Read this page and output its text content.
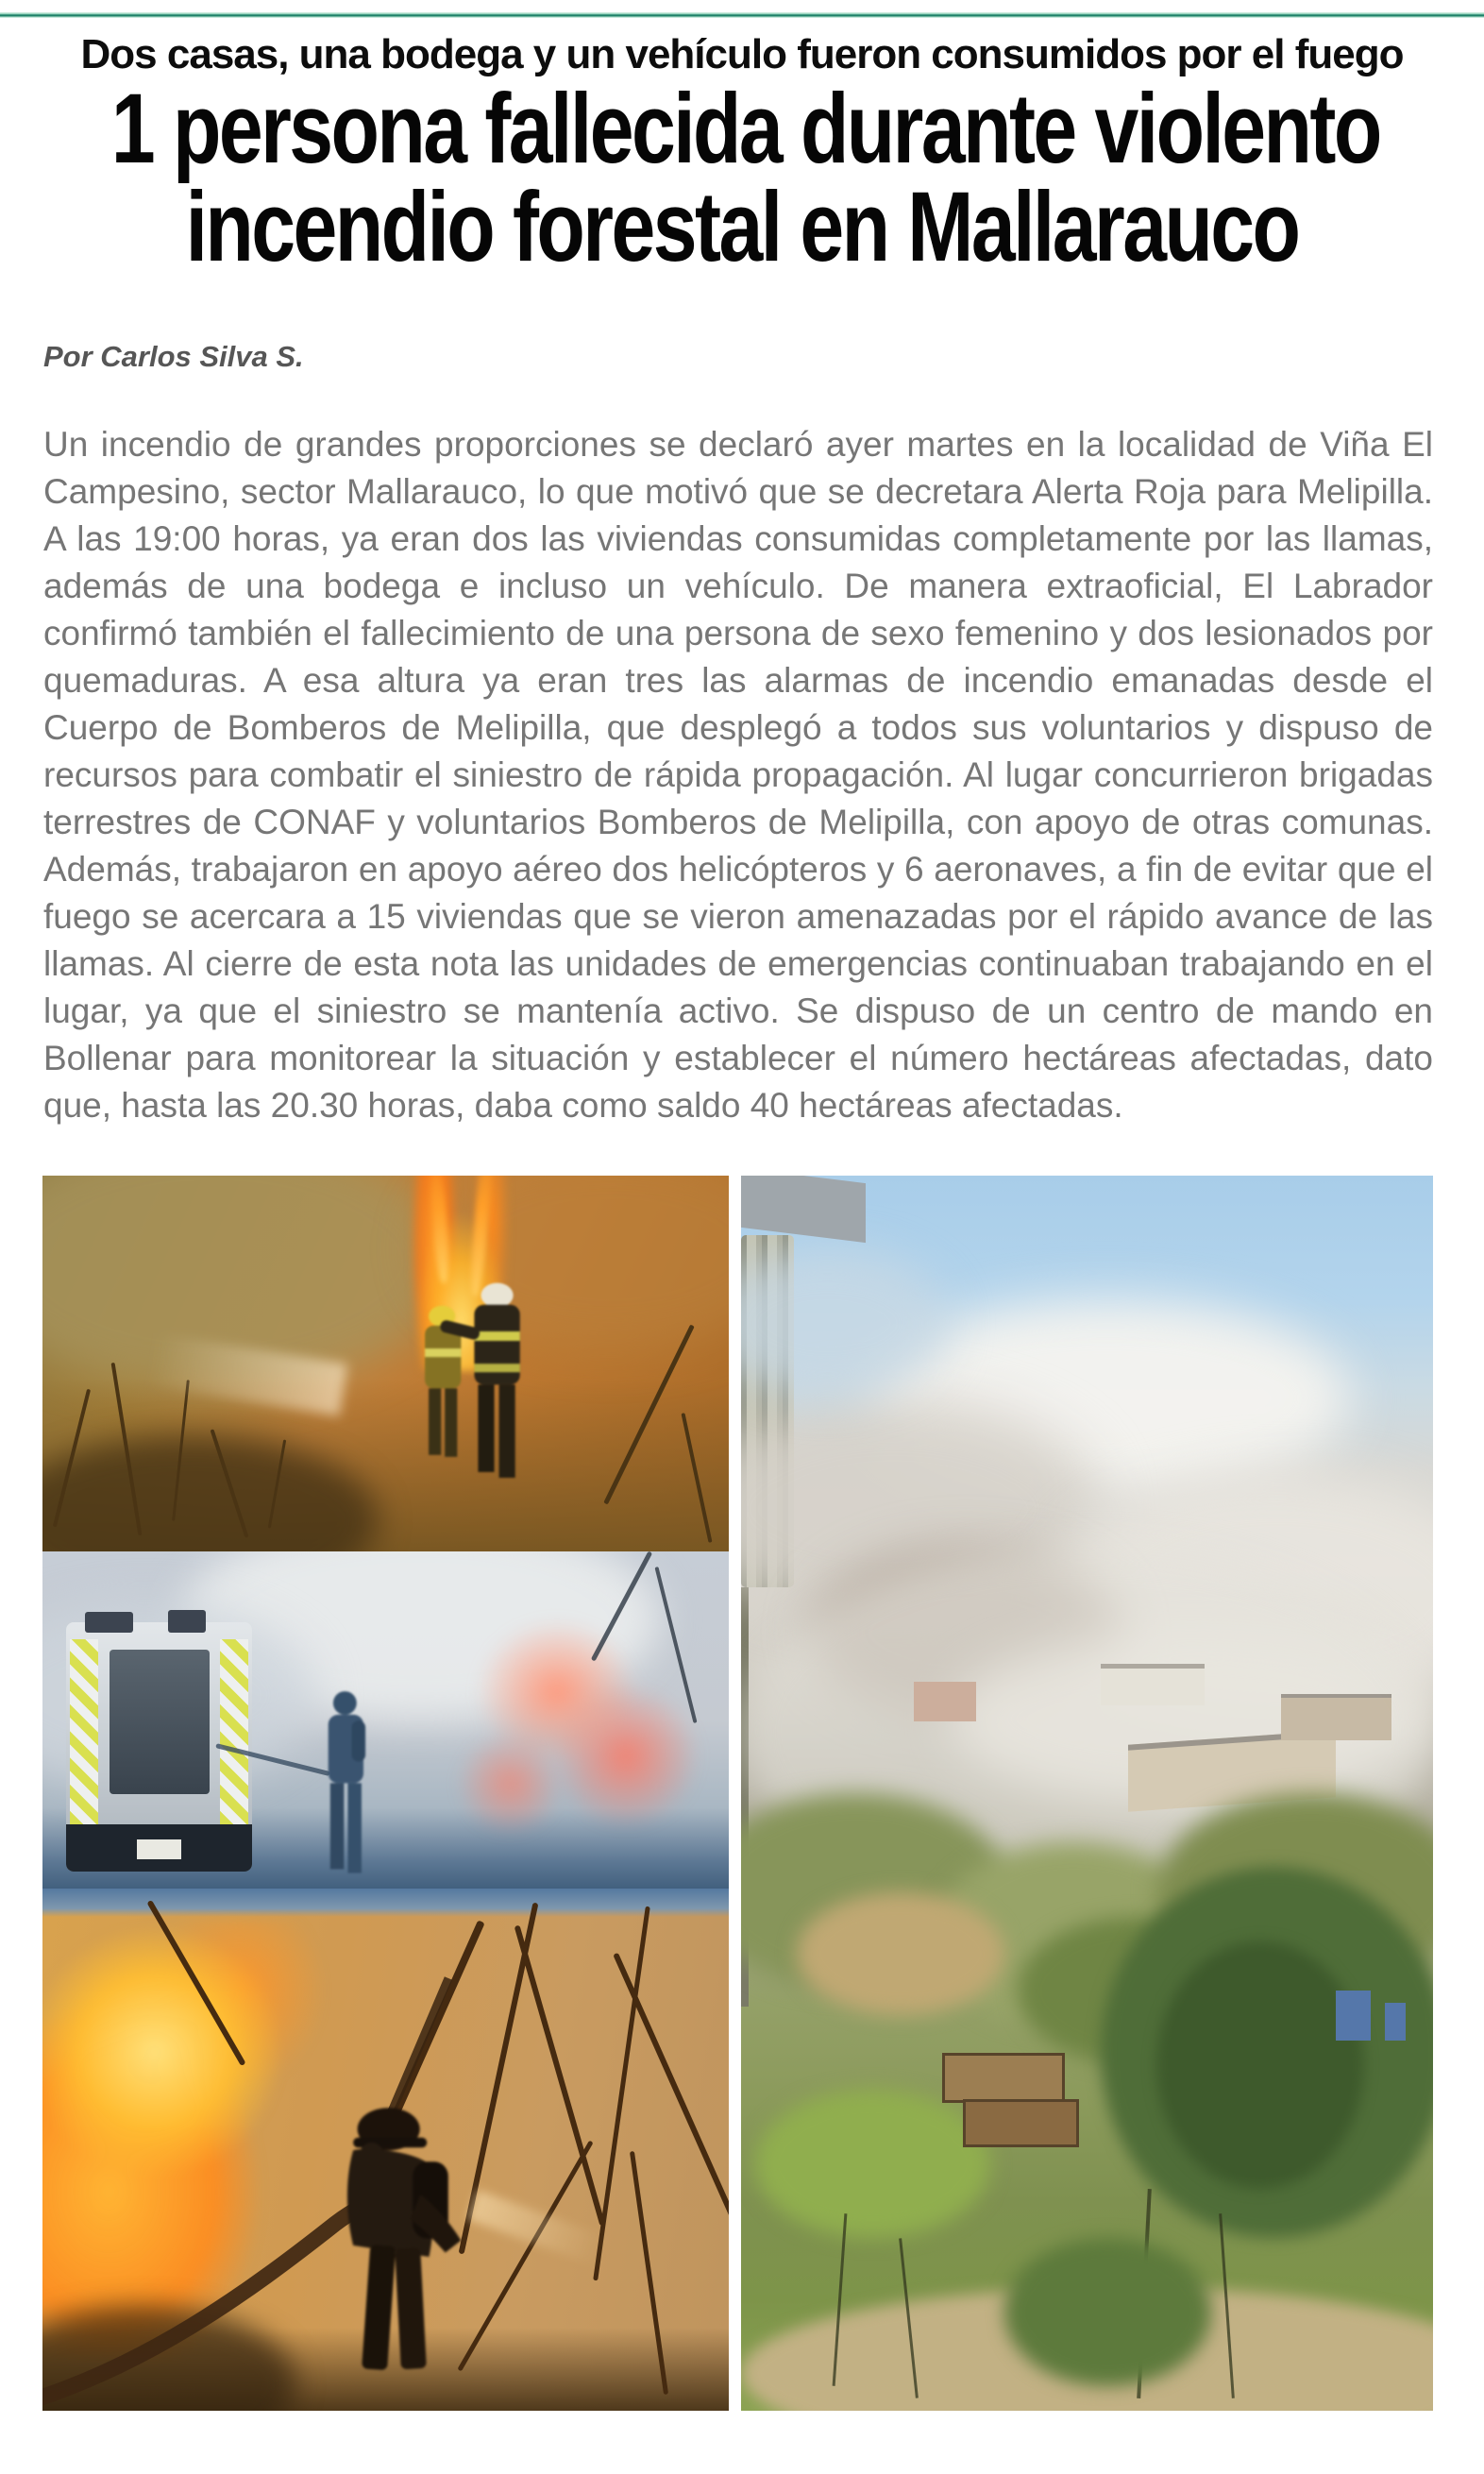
Dos casas, una bodega y un vehículo fueron consumidos por el fuego
1 persona fallecida durante violento
incendio forestal en Mallarauco
Por Carlos Silva S.

Un incendio de grandes proporciones se declaró ayer martes en la localidad de Viña El Campesino, sector Mallarauco, lo que motivó que se decretara Alerta Roja para Melipilla. A las 19:00 horas, ya eran dos las viviendas consumidas completamente por las llamas, además de una bodega e incluso un vehículo. De manera extraoficial, El Labrador confirmó también el fallecimiento de una persona de sexo femenino y dos lesionados por quemaduras. A esa altura ya eran tres las alarmas de incendio emanadas desde el Cuerpo de Bomberos de Melipilla, que desplegó a todos sus voluntarios y dispuso de recursos para combatir el siniestro de rápida propagación. Al lugar concurrieron brigadas terrestres de CONAF y voluntarios Bomberos de Melipilla, con apoyo de otras comunas. Además, trabajaron en apoyo aéreo dos helicópteros y 6 aeronaves, a fin de evitar que el fuego se acercara a 15 viviendas que se vieron amenazadas por el rápido avance de las llamas. Al cierre de esta nota las unidades de emergencias continuaban trabajando en el lugar, ya que el siniestro se mantenía activo. Se dispuso de un centro de mando en Bollenar para monitorear la situación y establecer el número hectáreas afectadas, dato que, hasta las 20.30 horas, daba como saldo 40 hectáreas afectadas.
